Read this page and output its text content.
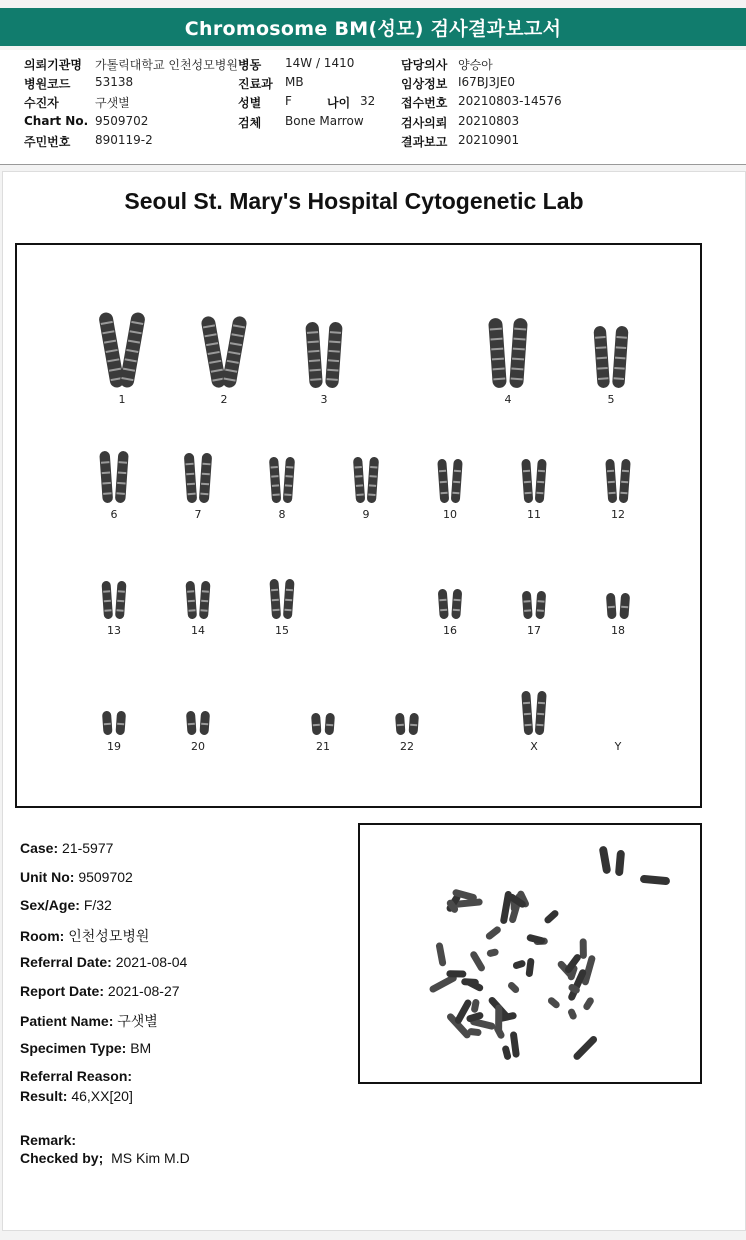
Chromosome BM(성모) 검사결과보고서
의뢰기관명 가톨릭대학교 인천성모병원
병원코드 53138
수진자	구샛별
Chart No. 9509702
주민번호 890119-2
병동 14W / 1410
진료과 MB
성별 F	나이 32
검체 Bone Marrow
담당의사 양승아
임상정보 I67BJ3JE0
접수번호 20210803-14576
검사의뢰 20210803
결과보고 20210901
Seoul St. Mary's Hospital Cytogenetic Lab
1	2	3	4	5
6	7	8	9	10	11	12
13	14	15	16	17	18
19	20	21	22	X	Y
Case: 21-5977
Unit No: 9509702
Sex/Age: F/32
Room: 인천성모병원
Referral Date: 2021-08-04
Report Date: 2021-08-27
Patient Name: 구샛별
Specimen Type: BM
Referral Reason:
Result: 46,XX[20]
Remark:
Checked by; MS Kim M.D
